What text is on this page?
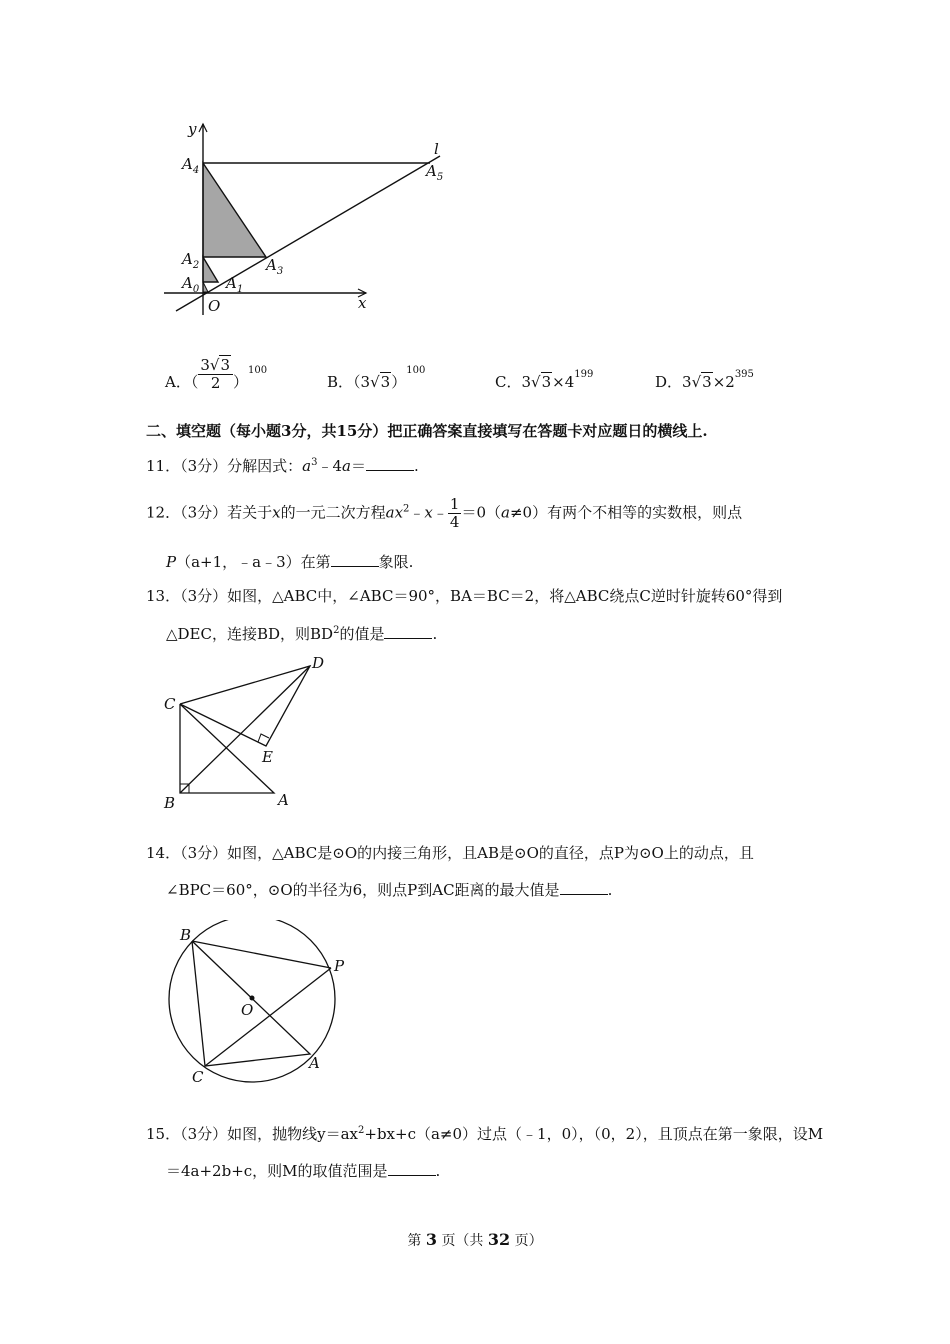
y
x
O
l
$A_4$
$A_2$
$A_0$ $A_1$
$A_3$
$A_5$
A．（ $\frac{3√3}{2} )^{100}$
B．$(3√3)^{100}$
C．$3√3\times 4^{199}$	D．$3√3\times 2^{395}$
二、填空题（每小题3分，共15分）把正确答案直接填写在答题卡对应题日的横线上.
11．（3分）分解因式：$a^3﹣4a=$	.
12．（3分）若关于x的一元二次方程$ax^2﹣x﹣ \frac{1}{4} =0(a\ne 0)$有两个不相等的实数根，则点
P（a+1，﹣a﹣3）在第	象限.
13．（3分）如图，△ABC中，∠ABC＝90°，BA＝BC＝2，将△ABC绕点C逆时针旋转60°得到
△DEC，连接BD，则$BD^2$的值是	.
C
D
E
B	A
14．（3分）如图，△ABC是⊙O的内接三角形，且AB是⊙O的直径，点P为⊙O上的动点，且
∠BPC＝60°，⊙O的半径为6，则点P到AC距离的最大值是	.
B
P
O
C
A
15．（3分）如图，抛物线$y=ax^2+bx+c(a\ne 0)$过点（﹣1，0），（0，2），且顶点在第一象限，设M
＝4a+2b+c，则M的取值范围是	.
第 3 页（共 32 页）
